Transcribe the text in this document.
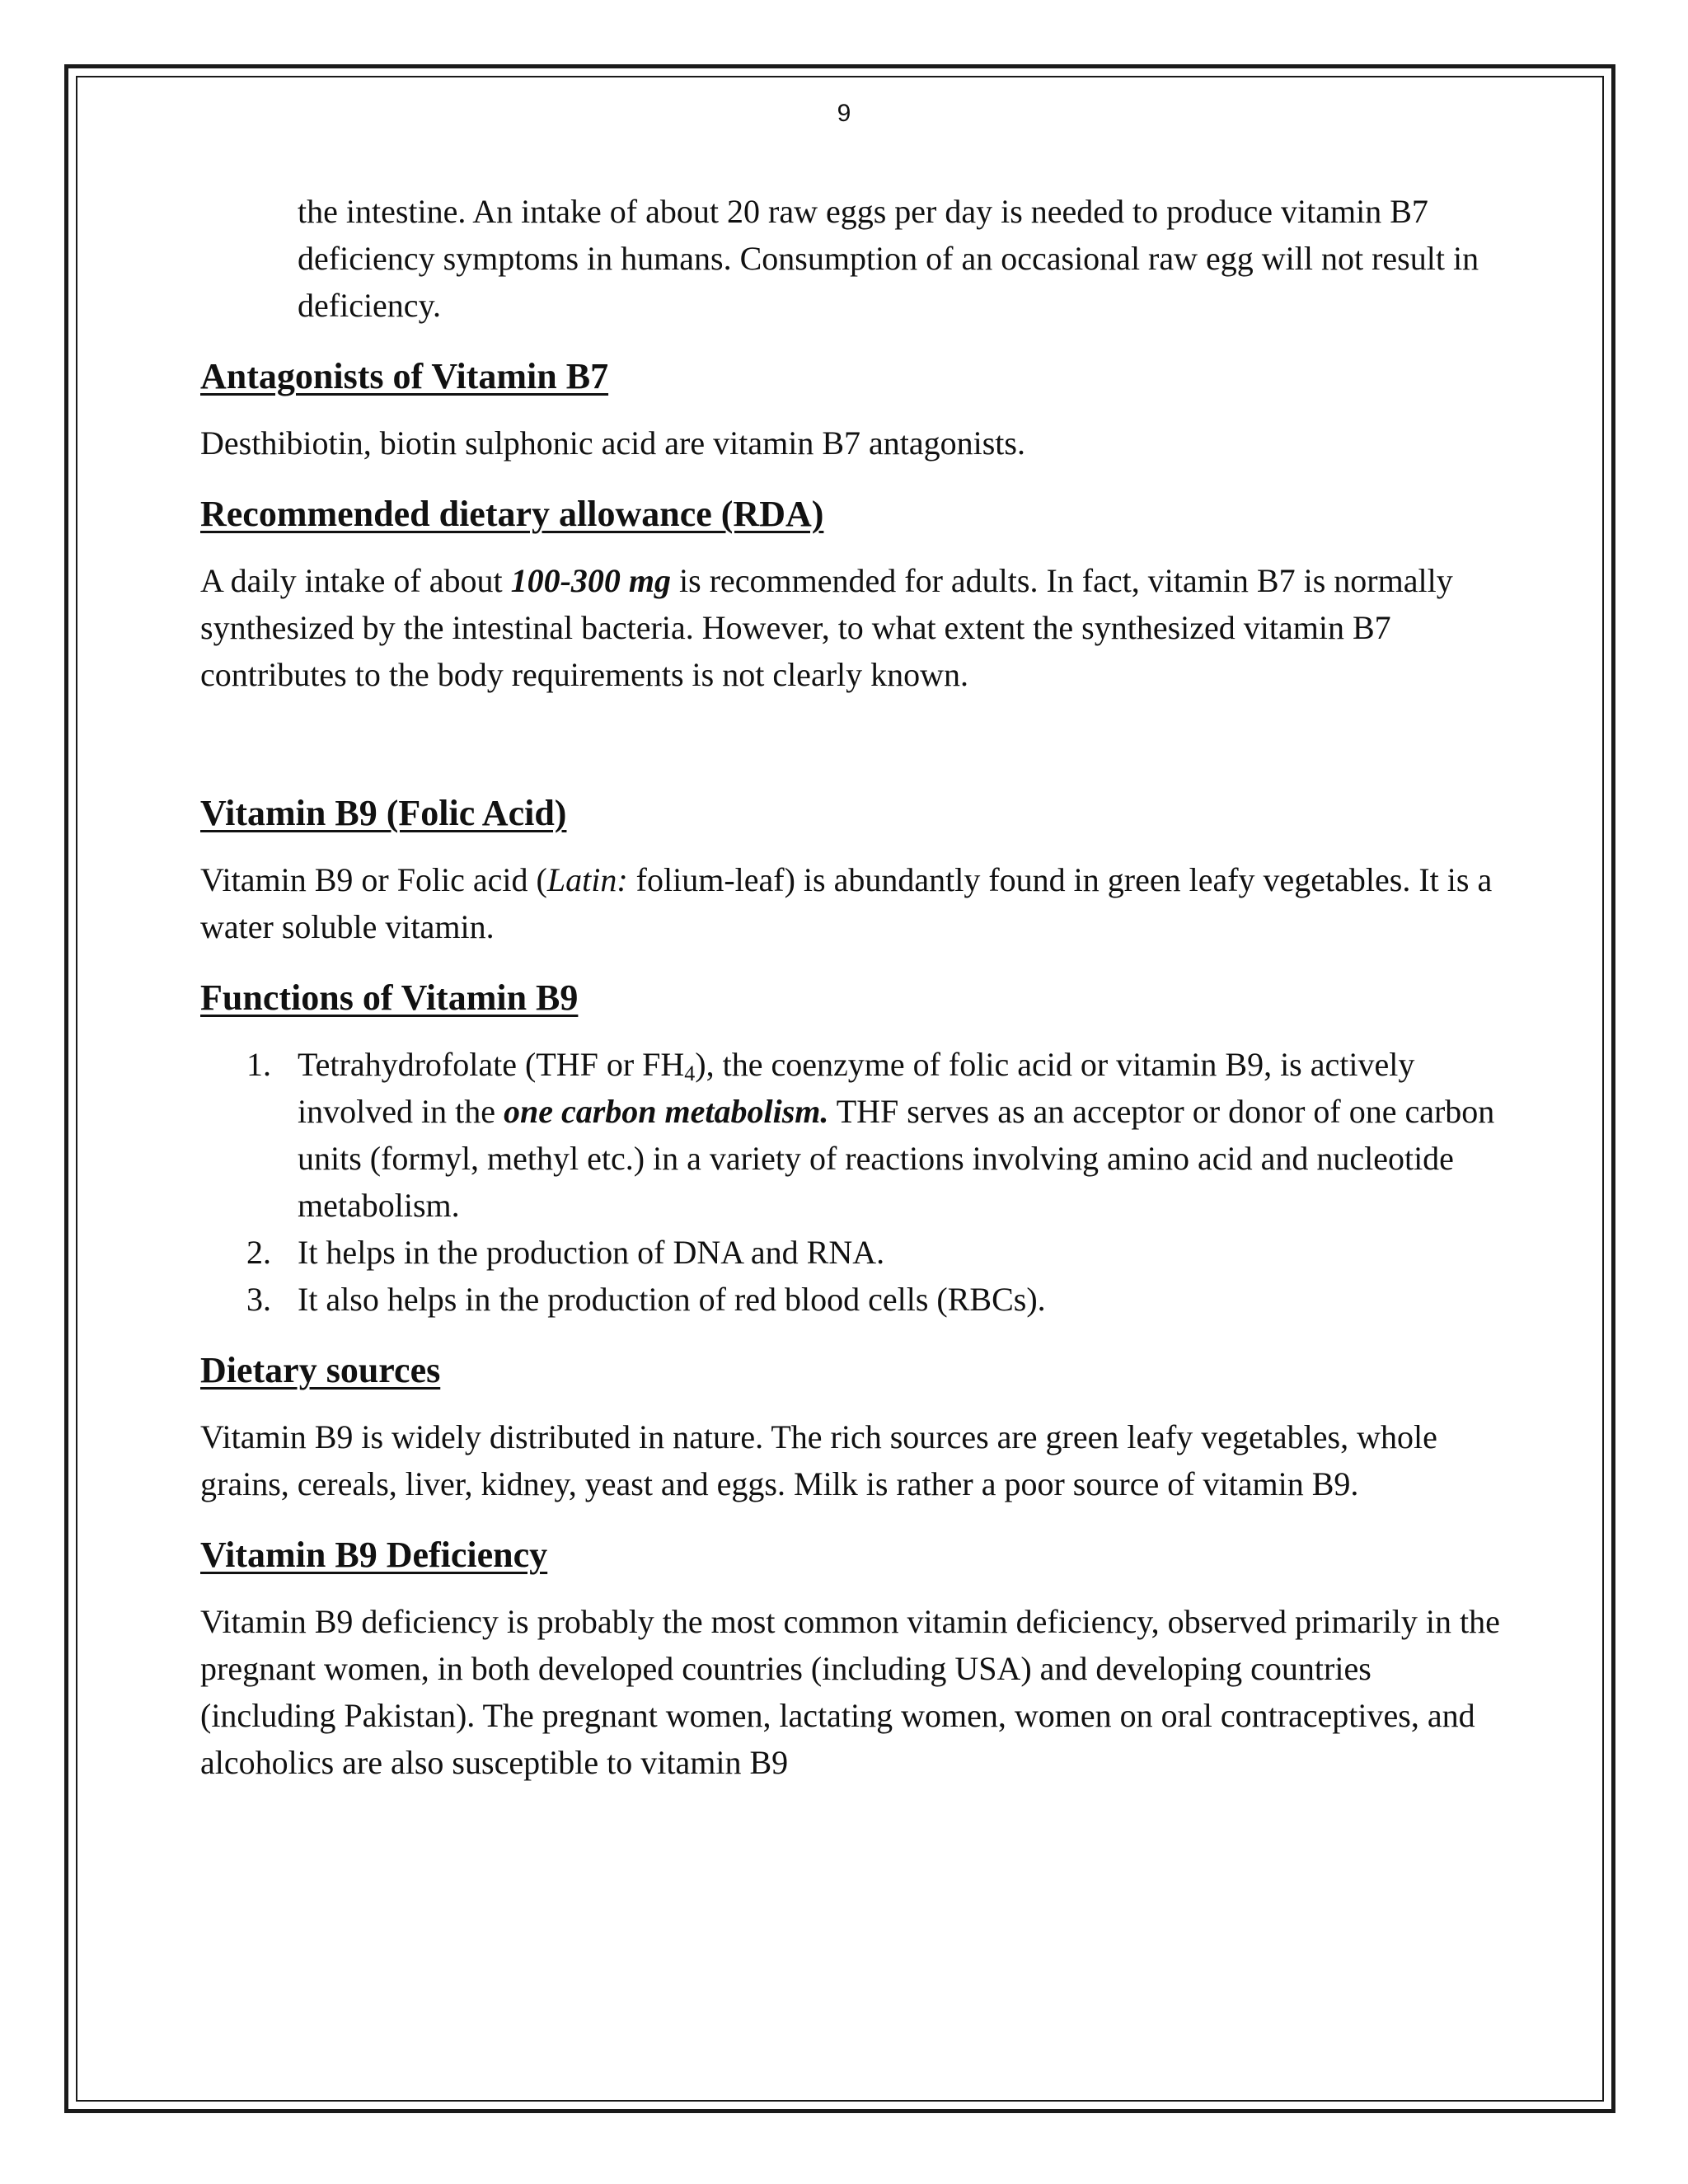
9

the intestine. An intake of about 20 raw eggs per day is needed to produce vitamin B7 deficiency symptoms in humans. Consumption of an occasional raw egg will not result in deficiency.

Antagonists of Vitamin B7

Desthibiotin, biotin sulphonic acid are vitamin B7 antagonists.

Recommended dietary allowance (RDA)

A daily intake of about 100-300 mg is recommended for adults. In fact, vitamin B7 is normally synthesized by the intestinal bacteria. However, to what extent the synthesized vitamin B7 contributes to the body requirements is not clearly known.

Vitamin B9 (Folic Acid)

Vitamin B9 or Folic acid (Latin: folium-leaf) is abundantly found in green leafy vegetables. It is a water soluble vitamin.

Functions of Vitamin B9
1. Tetrahydrofolate (THF or $FH_4$), the coenzyme of folic acid or vitamin B9, is actively involved in the one carbon metabolism. THF serves as an acceptor or donor of one carbon units (formyl, methyl etc.) in a variety of reactions involving amino acid and nucleotide metabolism.
2. It helps in the production of DNA and RNA.
3. It also helps in the production of red blood cells (RBCs).
Dietary sources

Vitamin B9 is widely distributed in nature. The rich sources are green leafy vegetables, whole grains, cereals, liver, kidney, yeast and eggs. Milk is rather a poor source of vitamin B9.

Vitamin B9 Deficiency

Vitamin B9 deficiency is probably the most common vitamin deficiency, observed primarily in the pregnant women, in both developed countries (including USA) and developing countries (including Pakistan). The pregnant women, lactating women, women on oral contraceptives, and alcoholics are also susceptible to vitamin B9
